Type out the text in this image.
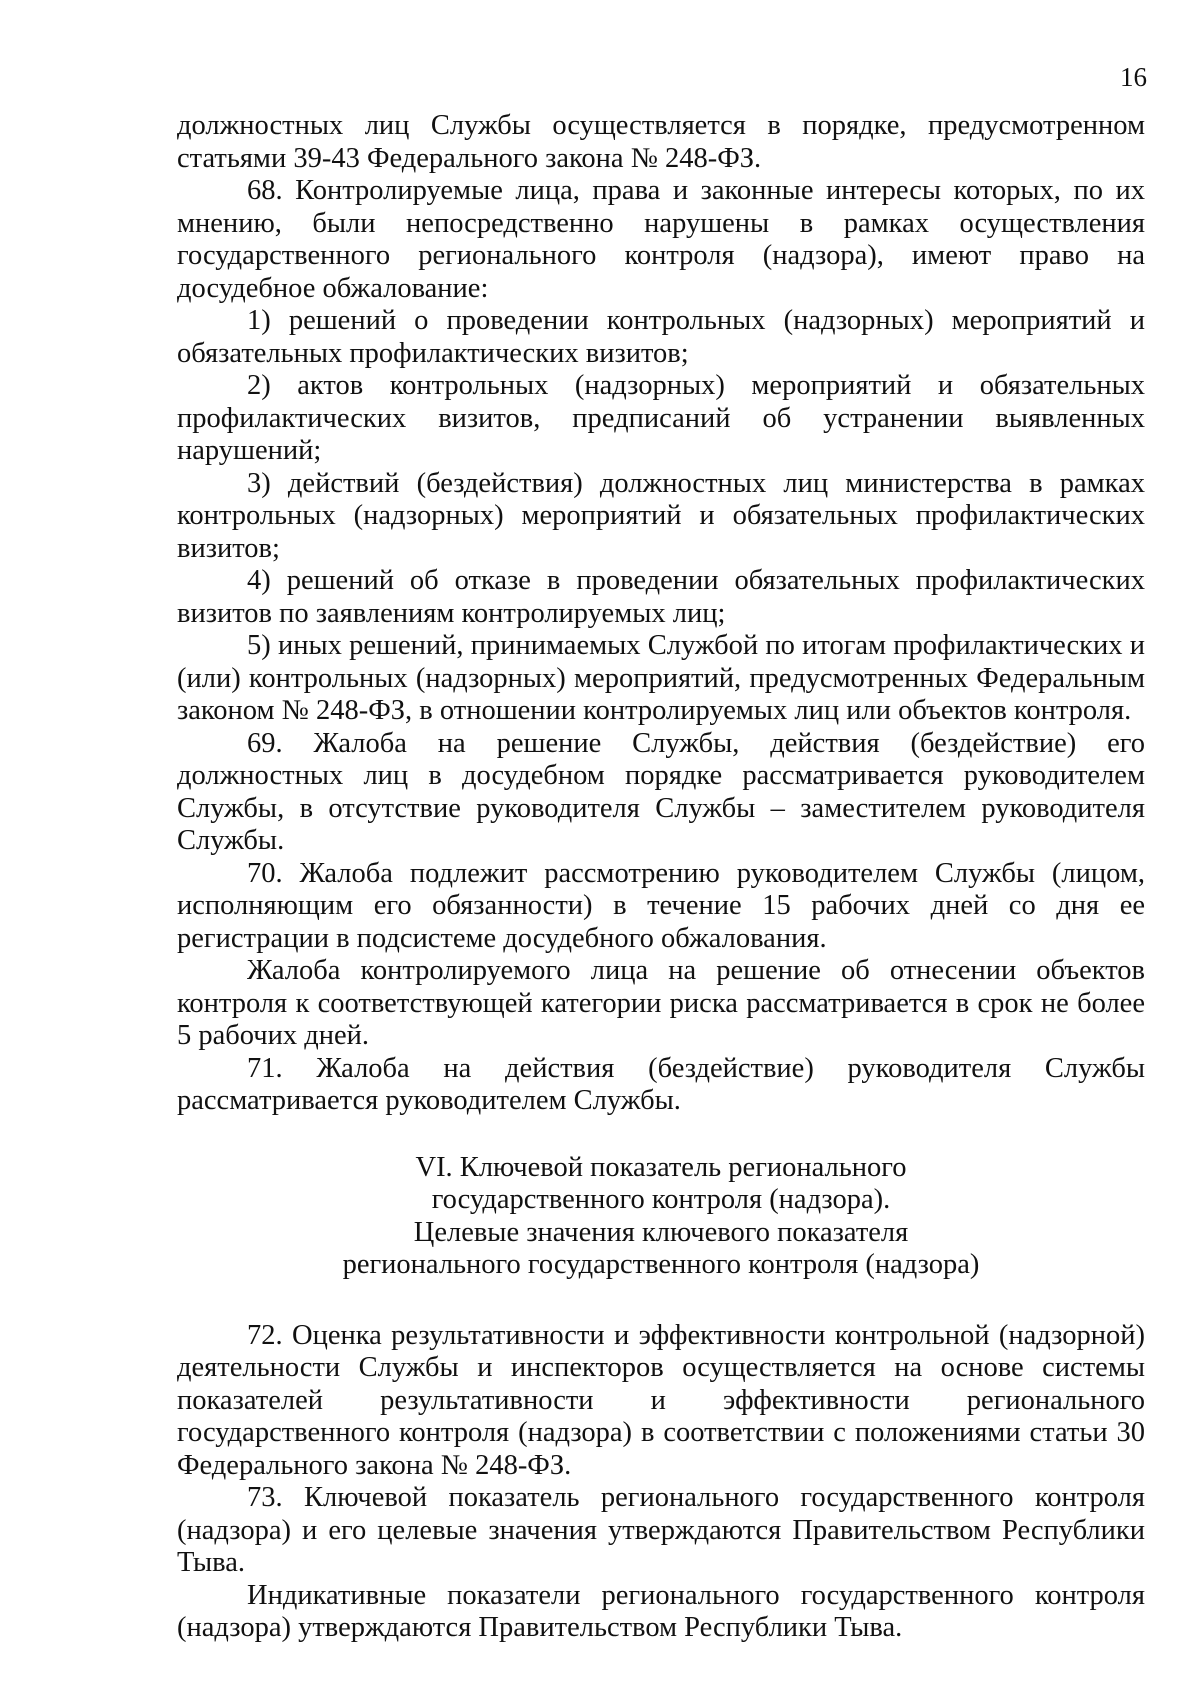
16

должностных лиц Службы осуществляется в порядке, предусмотренном статьями 39-43 Федерального закона № 248-ФЗ.

68. Контролируемые лица, права и законные интересы которых, по их мнению, были непосредственно нарушены в рамках осуществления государственного регионального контроля (надзора), имеют право на досудебное обжалование:

1) решений о проведении контрольных (надзорных) мероприятий и обязательных профилактических визитов;

2) актов контрольных (надзорных) мероприятий и обязательных профилактических визитов, предписаний об устранении выявленных нарушений;

3) действий (бездействия) должностных лиц министерства в рамках контрольных (надзорных) мероприятий и обязательных профилактических визитов;

4) решений об отказе в проведении обязательных профилактических визитов по заявлениям контролируемых лиц;

5) иных решений, принимаемых Службой по итогам профилактических и (или) контрольных (надзорных) мероприятий, предусмотренных Федеральным законом № 248-ФЗ, в отношении контролируемых лиц или объектов контроля.

69. Жалоба на решение Службы, действия (бездействие) его должностных лиц в досудебном порядке рассматривается руководителем Службы, в отсутствие руководителя Службы – заместителем руководителя Службы.

70. Жалоба подлежит рассмотрению руководителем Службы (лицом, исполняющим его обязанности) в течение 15 рабочих дней со дня ее регистрации в подсистеме досудебного обжалования.

Жалоба контролируемого лица на решение об отнесении объектов контроля к соответствующей категории риска рассматривается в срок не более 5 рабочих дней.

71. Жалоба на действия (бездействие) руководителя Службы рассматривается руководителем Службы.

VI. Ключевой показатель регионального
государственного контроля (надзора).
Целевые значения ключевого показателя
регионального государственного контроля (надзора)

72. Оценка результативности и эффективности контрольной (надзорной) деятельности Службы и инспекторов осуществляется на основе системы показателей результативности и эффективности регионального государственного контроля (надзора) в соответствии с положениями статьи 30 Федерального закона № 248-ФЗ.

73. Ключевой показатель регионального государственного контроля (надзора) и его целевые значения утверждаются Правительством Республики Тыва.

Индикативные показатели регионального государственного контроля (надзора) утверждаются Правительством Республики Тыва.
